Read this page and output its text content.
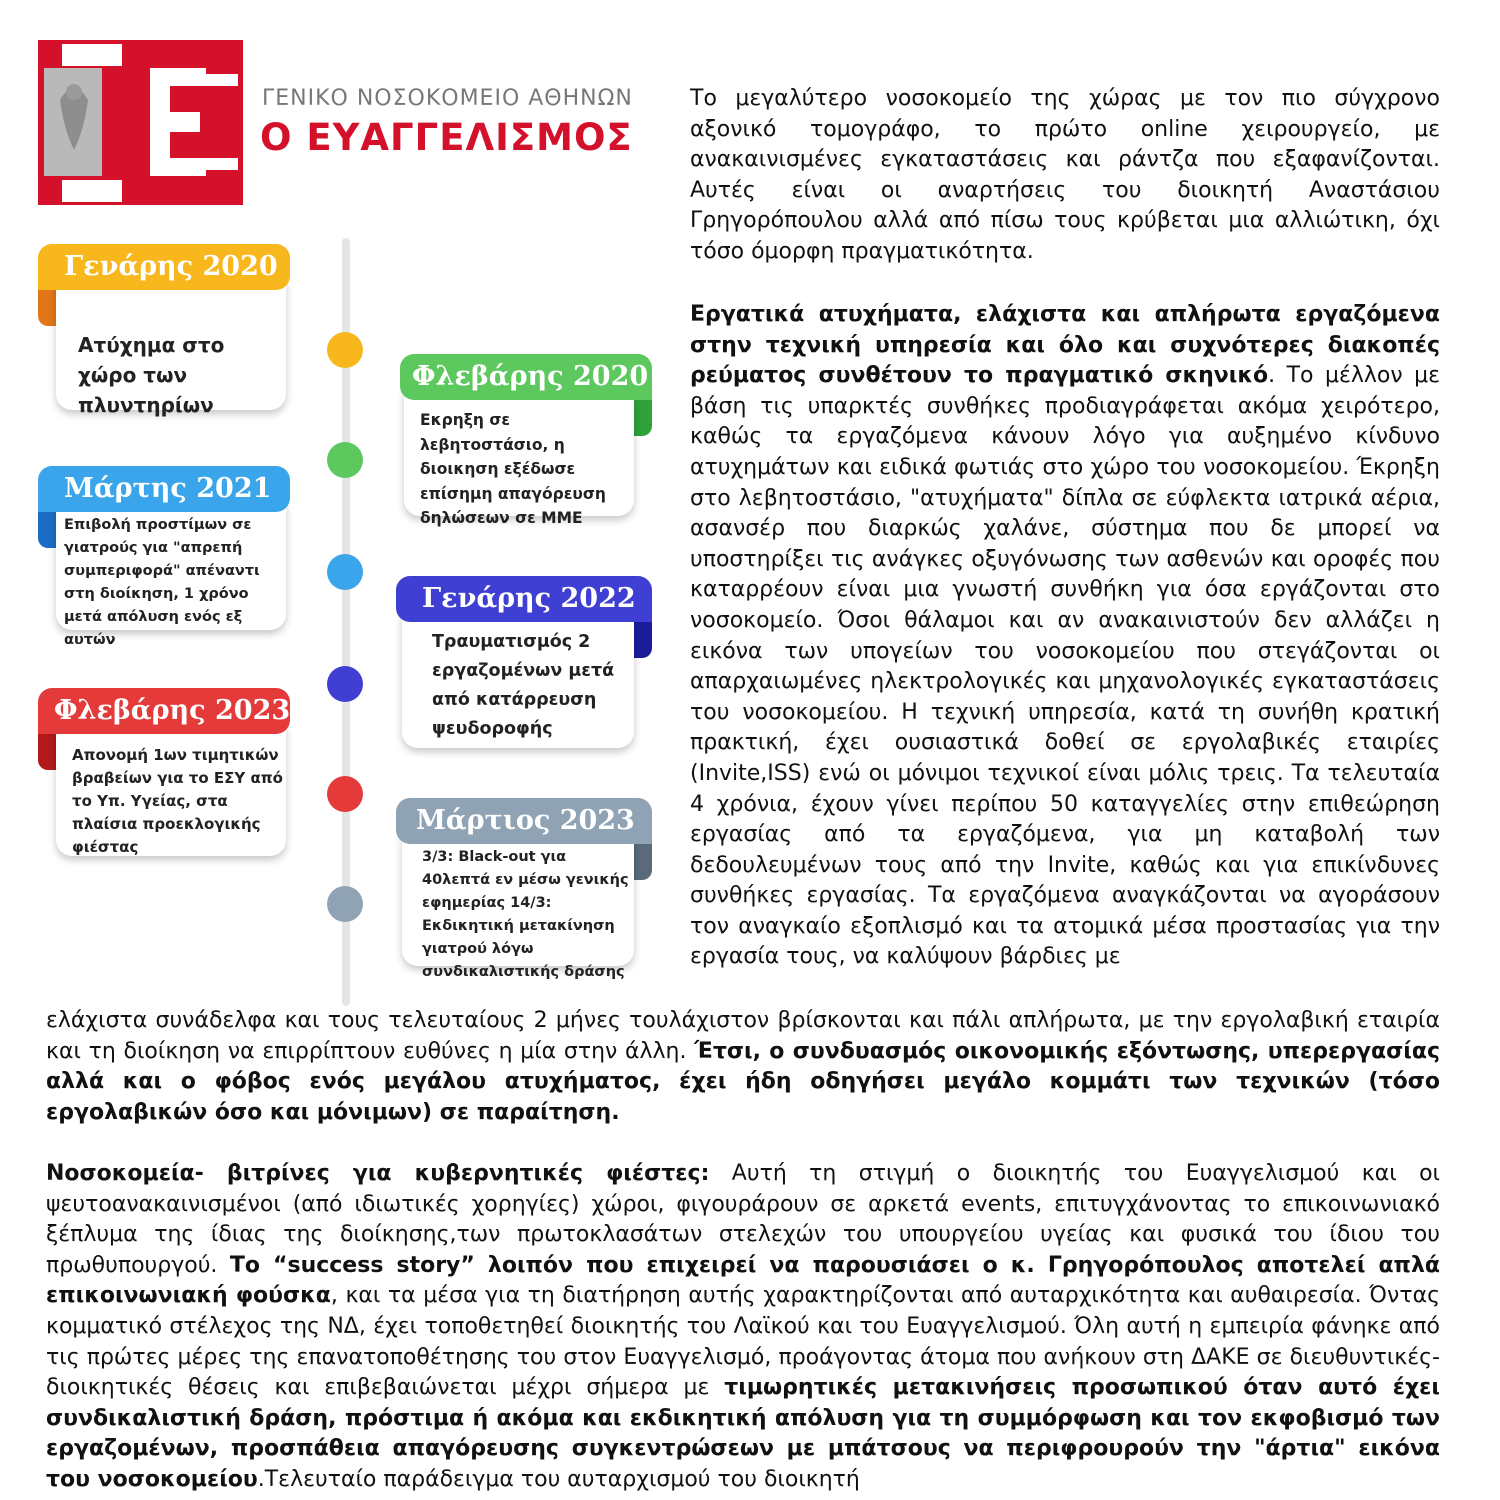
ΓΕΝΙΚΟ ΝΟΣΟΚΟΜΕΙΟ ΑΘΗΝΩΝ
Ο ΕΥΑΓΓΕΛΙΣΜΟΣ
Γενάρης 2020
Ατύχημα στο χώρο των πλυντηρίων
Φλεβάρης 2020
Εκρηξη σε λεβητοστάσιο, η διοικηση εξέδωσε επίσημη απαγόρευση δηλώσεων σε ΜΜΕ
Μάρτης 2021
Επιβολή προστίμων σε γιατρούς για "απρεπή συμπεριφορά" απέναντι στη διοίκηση, 1 χρόνο μετά απόλυση ενός εξ αυτών
Γενάρης 2022
Τραυματισμός 2 εργαζομένων μετά από κατάρρευση ψευδοροφής
Φλεβάρης 2023
Απονομή 1ων τιμητικών βραβείων για το ΕΣΥ από το Υπ. Υγείας, στα πλαίσια προεκλογικής φιέστας
Μάρτιος 2023
3/3: Black-out για 40λεπτά εν μέσω γενικής εφημερίας 14/3: Εκδικητική μετακίνηση γιατρού λόγω συνδικαλιστικής δράσης

Το μεγαλύτερο νοσοκομείο της χώρας με τον πιο σύγχρονο αξονικό τομογράφο, το πρώτο online χειρουργείο, με ανακαινισμένες εγκαταστάσεις και ράντζα που εξαφανίζονται. Αυτές είναι οι αναρτήσεις του διοικητή Αναστάσιου Γρηγορόπουλου αλλά από πίσω τους κρύβεται μια αλλιώτικη, όχι τόσο όμορφη πραγματικότητα.

Εργατικά ατυχήματα, ελάχιστα και απλήρωτα εργαζόμενα στην τεχνική υπηρεσία και όλο και συχνότερες διακοπές ρεύματος συνθέτουν το πραγματικό σκηνικό. Το μέλλον με βάση τις υπαρκτές συνθήκες προδιαγράφεται ακόμα χειρότερο, καθώς τα εργαζόμενα κάνουν λόγο για αυξημένο κίνδυνο ατυχημάτων και ειδικά φωτιάς στο χώρο του νοσοκομείου. Έκρηξη στο λεβητοστάσιο, "ατυχήματα" δίπλα σε εύφλεκτα ιατρικά αέρια, ασανσέρ που διαρκώς χαλάνε, σύστημα που δε μπορεί να υποστηρίξει τις ανάγκες οξυγόνωσης των ασθενών και οροφές που καταρρέουν είναι μια γνωστή συνθήκη για όσα εργάζονται στο νοσοκομείο. Όσοι θάλαμοι και αν ανακαινιστούν δεν αλλάζει η εικόνα των υπογείων του νοσοκομείου που στεγάζονται οι απαρχαιωμένες ηλεκτρολογικές και μηχανολογικές εγκαταστάσεις του νοσοκομείου. Η τεχνική υπηρεσία, κατά τη συνήθη κρατική πρακτική, έχει ουσιαστικά δοθεί σε εργολαβικές εταιρίες (Invite,ISS) ενώ οι μόνιμοι τεχνικοί είναι μόλις τρεις. Τα τελευταία 4 χρόνια, έχουν γίνει περίπου 50 καταγγελίες στην επιθεώρηση εργασίας από τα εργαζόμενα, για μη καταβολή των δεδουλευμένων τους από την Invite, καθώς και για επικίνδυνες συνθήκες εργασίας. Τα εργαζόμενα αναγκάζονται να αγοράσουν τον αναγκαίο εξοπλισμό και τα ατομικά μέσα προστασίας για την εργασία τους, να καλύψουν βάρδιες με

ελάχιστα συνάδελφα και τους τελευταίους 2 μήνες τουλάχιστον βρίσκονται και πάλι απλήρωτα, με την εργολαβική εταιρία και τη διοίκηση να επιρρίπτουν ευθύνες η μία στην άλλη. Έτσι, ο συνδυασμός οικονομικής εξόντωσης, υπερεργασίας αλλά και ο φόβος ενός μεγάλου ατυχήματος, έχει ήδη οδηγήσει μεγάλο κομμάτι των τεχνικών (τόσο εργολαβικών όσο και μόνιμων) σε παραίτηση.

Νοσοκομεία- βιτρίνες για κυβερνητικές φιέστες: Αυτή τη στιγμή ο διοικητής του Ευαγγελισμού και οι ψευτοανακαινισμένοι (από ιδιωτικές χορηγίες) χώροι, φιγουράρουν σε αρκετά events, επιτυγχάνοντας το επικοινωνιακό ξέπλυμα της ίδιας της διοίκησης,των πρωτοκλασάτων στελεχών του υπουργείου υγείας και φυσικά του ίδιου του πρωθυπουργού. Το “success story” λοιπόν που επιχειρεί να παρουσιάσει ο κ. Γρηγορόπουλος αποτελεί απλά επικοινωνιακή φούσκα, και τα μέσα για τη διατήρηση αυτής χαρακτηρίζονται από αυταρχικότητα και αυθαιρεσία. Όντας κομματικό στέλεχος της ΝΔ, έχει τοποθετηθεί διοικητής του Λαϊκού και του Ευαγγελισμού. Όλη αυτή η εμπειρία φάνηκε από τις πρώτες μέρες της επανατοποθέτησης του στον Ευαγγελισμό, προάγοντας άτομα που ανήκουν στη ΔΑΚΕ σε διευθυντικές- διοικητικές θέσεις και επιβεβαιώνεται μέχρι σήμερα με τιμωρητικές μετακινήσεις προσωπικού όταν αυτό έχει συνδικαλιστική δράση, πρόστιμα ή ακόμα και εκδικητική απόλυση για τη συμμόρφωση και τον εκφοβισμό των εργαζομένων, προσπάθεια απαγόρευσης συγκεντρώσεων με μπάτσους να περιφρουρούν την "άρτια" εικόνα του νοσοκομείου.Τελευταίο παράδειγμα του αυταρχισμού του διοικητή
